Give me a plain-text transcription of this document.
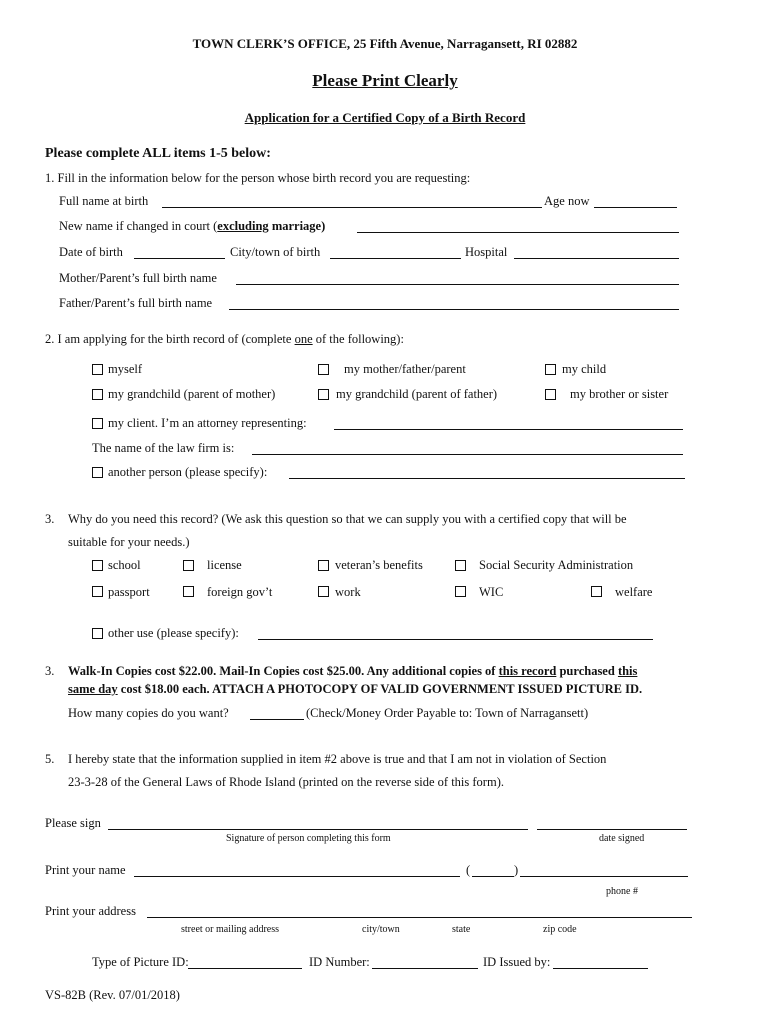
TOWN CLERK’S OFFICE, 25 Fifth Avenue, Narragansett, RI 02882
Please Print Clearly
Application for a Certified Copy of a Birth Record
Please complete ALL items 1-5 below:
1. Fill in the information below for the person whose birth record you are requesting:
Full name at birth	Age now
New name if changed in court (excluding marriage)
Date of birth	City/town of birth	Hospital
Mother/Parent’s full birth name
Father/Parent’s full birth name
2. I am applying for the birth record of (complete one of the following):
myself	my mother/father/parent	my child
my grandchild (parent of mother)	my grandchild (parent of father)	my brother or sister
my client. I’m an attorney representing:
The name of the law firm is:
another person (please specify):
3. Why do you need this record? (We ask this question so that we can supply you with a certified copy that will be
suitable for your needs.)
school	license	veteran’s benefits	Social Security Administration
passport	foreign gov’t	work	WIC	welfare
other use (please specify):
3. Walk-In Copies cost $22.00. Mail-In Copies cost $25.00. Any additional copies of this record purchased this
same day cost $18.00 each. ATTACH A PHOTOCOPY OF VALID GOVERNMENT ISSUED PICTURE ID.
How many copies do you want?	(Check/Money Order Payable to: Town of Narragansett)
5. I hereby state that the information supplied in item #2 above is true and that I am not in violation of Section
23-3-28 of the General Laws of Rhode Island (printed on the reverse side of this form).
Please sign
Signature of person completing this form	date signed
Print your name	(	)
phone #
Print your address
street or mailing address	city/town	state	zip code
Type of Picture ID:	ID Number:	ID Issued by:
VS-82B (Rev. 07/01/2018)
